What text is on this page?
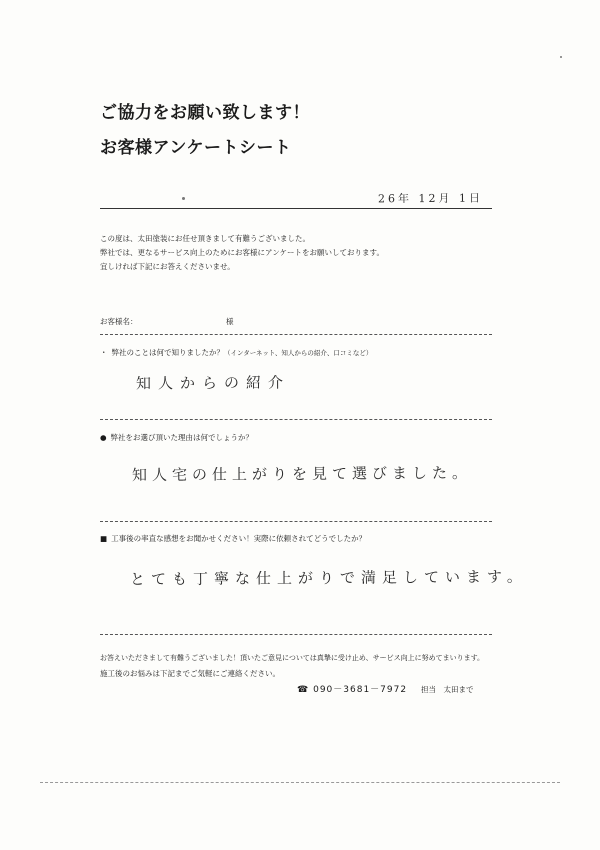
ご協力をお願い致します！
お客様アンケートシート
26年 12月 1日
この度は、太田塗装にお任せ頂きまして有難うございました。
弊社では、更なるサービス向上のためにお客様にアンケートをお願いしております。
宜しければ下記にお答えくださいませ。
お客様名：	様
・ 弊社のことは何で知りましたか？（インターネット、知人からの紹介、口コミなど）
知人からの紹介
● 弊社をお選び頂いた理由は何でしょうか？
知人宅の仕上がりを見て選びました。
■ 工事後の率直な感想をお聞かせください！実際に依頼されてどうでしたか？
とても丁寧な仕上がりで満足しています。
お答えいただきまして有難うございました！頂いたご意見については真摯に受け止め、サービス向上に努めてまいります。
施工後のお悩みは下記までご気軽にご連絡ください。
☎ 090－3681－7972 担当　太田まで
